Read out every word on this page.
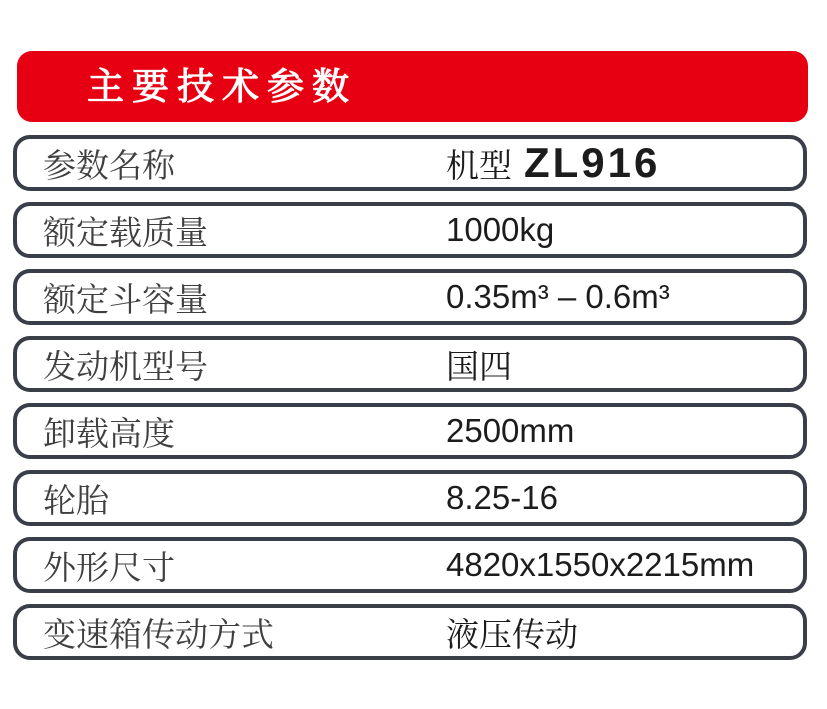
主要技术参数
参数名称	机型 ZL916
额定载质量	1000kg
额定斗容量	0.35m³ – 0.6m³
发动机型号	国四
卸载高度	2500mm
轮胎	8.25-16
外形尺寸	4820x1550x2215mm
变速箱传动方式	液压传动
